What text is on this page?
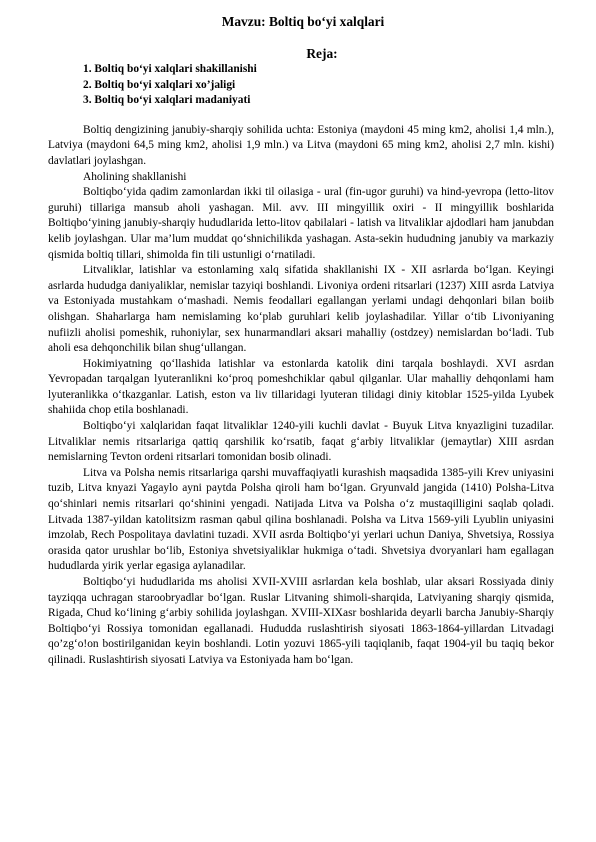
Mavzu: Boltiq bo‘yi xalqlari
Reja:
1. Boltiq bo‘yi xalqlari shakillanishi
2. Boltiq bo‘yi xalqlari xo’jaligi
3. Boltiq bo‘yi xalqlari madaniyati

Boltiq dengizining janubiy-sharqiy sohilida uchta: Estoniya (maydoni 45 ming km2, aholisi 1,4 mln.), Latviya (maydoni 64,5 ming km2, aholisi 1,9 mln.) va Litva (maydoni 65 ming km2, aholisi 2,7 mln. kishi) davlatlari joylashgan.

Aholining shakllanishi

Boltiqbo‘yida qadim zamonlardan ikki til oilasiga - ural (fin-ugor guruhi) va hind-yevropa (letto-litov guruhi) tillariga mansub aholi yashagan. Mil. avv. III mingyillik oxiri - II mingyillik boshlarida Boltiqbo‘yining janubiy-sharqiy hududlarida letto-litov qabilalari - latish va litvaliklar ajdodlari ham janubdan kelib joylashgan. Ular ma’lum muddat qo‘shnichilikda yashagan. Asta-sekin hududning janubiy va markaziy qismida boltiq tillari, shimolda fin tili ustunligi o‘rnatiladi.

Litvaliklar, latishlar va estonlaming xalq sifatida shakllanishi IX - XII asrlarda bo‘lgan. Keyingi asrlarda hududga daniyaliklar, nemislar tazyiqi boshlandi. Livoniya ordeni ritsarlari (1237) XIII asrda Latviya va Estoniyada mustahkam o‘mashadi. Nemis feodallari egallangan yerlami undagi dehqonlari bilan boiib olishgan. Shaharlarga ham nemislaming ko‘plab guruhlari kelib joylashadilar. Yillar o‘tib Livoniyaning nufiizli aholisi pomeshik, ruhoniylar, sex hunarmandlari aksari mahalliy (ostdzey) nemislardan bo‘ladi. Tub aholi esa dehqonchilik bilan shug‘ullangan.

Hokimiyatning qo‘llashida latishlar va estonlarda katolik dini tarqala boshlaydi. XVI asrdan Yevropadan tarqalgan lyuteranlikni ko‘proq pomeshchiklar qabul qilganlar. Ular mahalliy dehqonlami ham lyuteranlikka o‘tkazganlar. Latish, eston va liv tillaridagi lyuteran tilidagi diniy kitoblar 1525-yilda Lyubek shahiida chop etila boshlanadi.

Boltiqbo‘yi xalqlaridan faqat litvaliklar 1240-yili kuchli davlat - Buyuk Litva knyazligini tuzadilar. Litvaliklar nemis ritsarlariga qattiq qarshilik ko‘rsatib, faqat g‘arbiy litvaliklar (jemaytlar) XIII asrdan nemislarning Tevton ordeni ritsarlari tomonidan bosib olinadi.

Litva va Polsha nemis ritsarlariga qarshi muvaffaqiyatli kurashish maqsadida 1385-yili Krev uniyasini tuzib, Litva knyazi Yagaylo ayni paytda Polsha qiroli ham bo‘lgan. Gryunvald jangida (1410) Polsha-Litva qo‘shinlari nemis ritsarlari qo‘shinini yengadi. Natijada Litva va Polsha o‘z mustaqilligini saqlab qoladi. Litvada 1387-yildan katolitsizm rasman qabul qilina boshlanadi. Polsha va Litva 1569-yili Lyublin uniyasini imzolab, Rech Pospolitaya davlatini tuzadi. XVII asrda Boltiqbo‘yi yerlari uchun Daniya, Shvetsiya, Rossiya orasida qator urushlar bo‘lib, Estoniya shvetsiyaliklar hukmiga o‘tadi. Shvetsiya dvoryanlari ham egallagan hududlarda yirik yerlar egasiga aylanadilar.

Boltiqbo‘yi hududlarida ms aholisi XVII-XVIII asrlardan kela boshlab, ular aksari Rossiyada diniy tayziqqa uchragan staroobryadlar bo‘lgan. Ruslar Litvaning shimoli-sharqida, Latviyaning sharqiy qismida, Rigada, Chud ko‘lining g‘arbiy sohilida joylashgan. XVIII-XIXasr boshlarida deyarli barcha Janubiy-Sharqiy Boltiqbo‘yi Rossiya tomonidan egallanadi. Hududda ruslashtirish siyosati 1863-1864-yillardan Litvadagi qo’zg‘o!on bostirilganidan keyin boshlandi. Lotin yozuvi 1865-yili taqiqlanib, faqat 1904-yil bu taqiq bekor qilinadi. Ruslashtirish siyosati Latviya va Estoniyada ham bo‘lgan.
